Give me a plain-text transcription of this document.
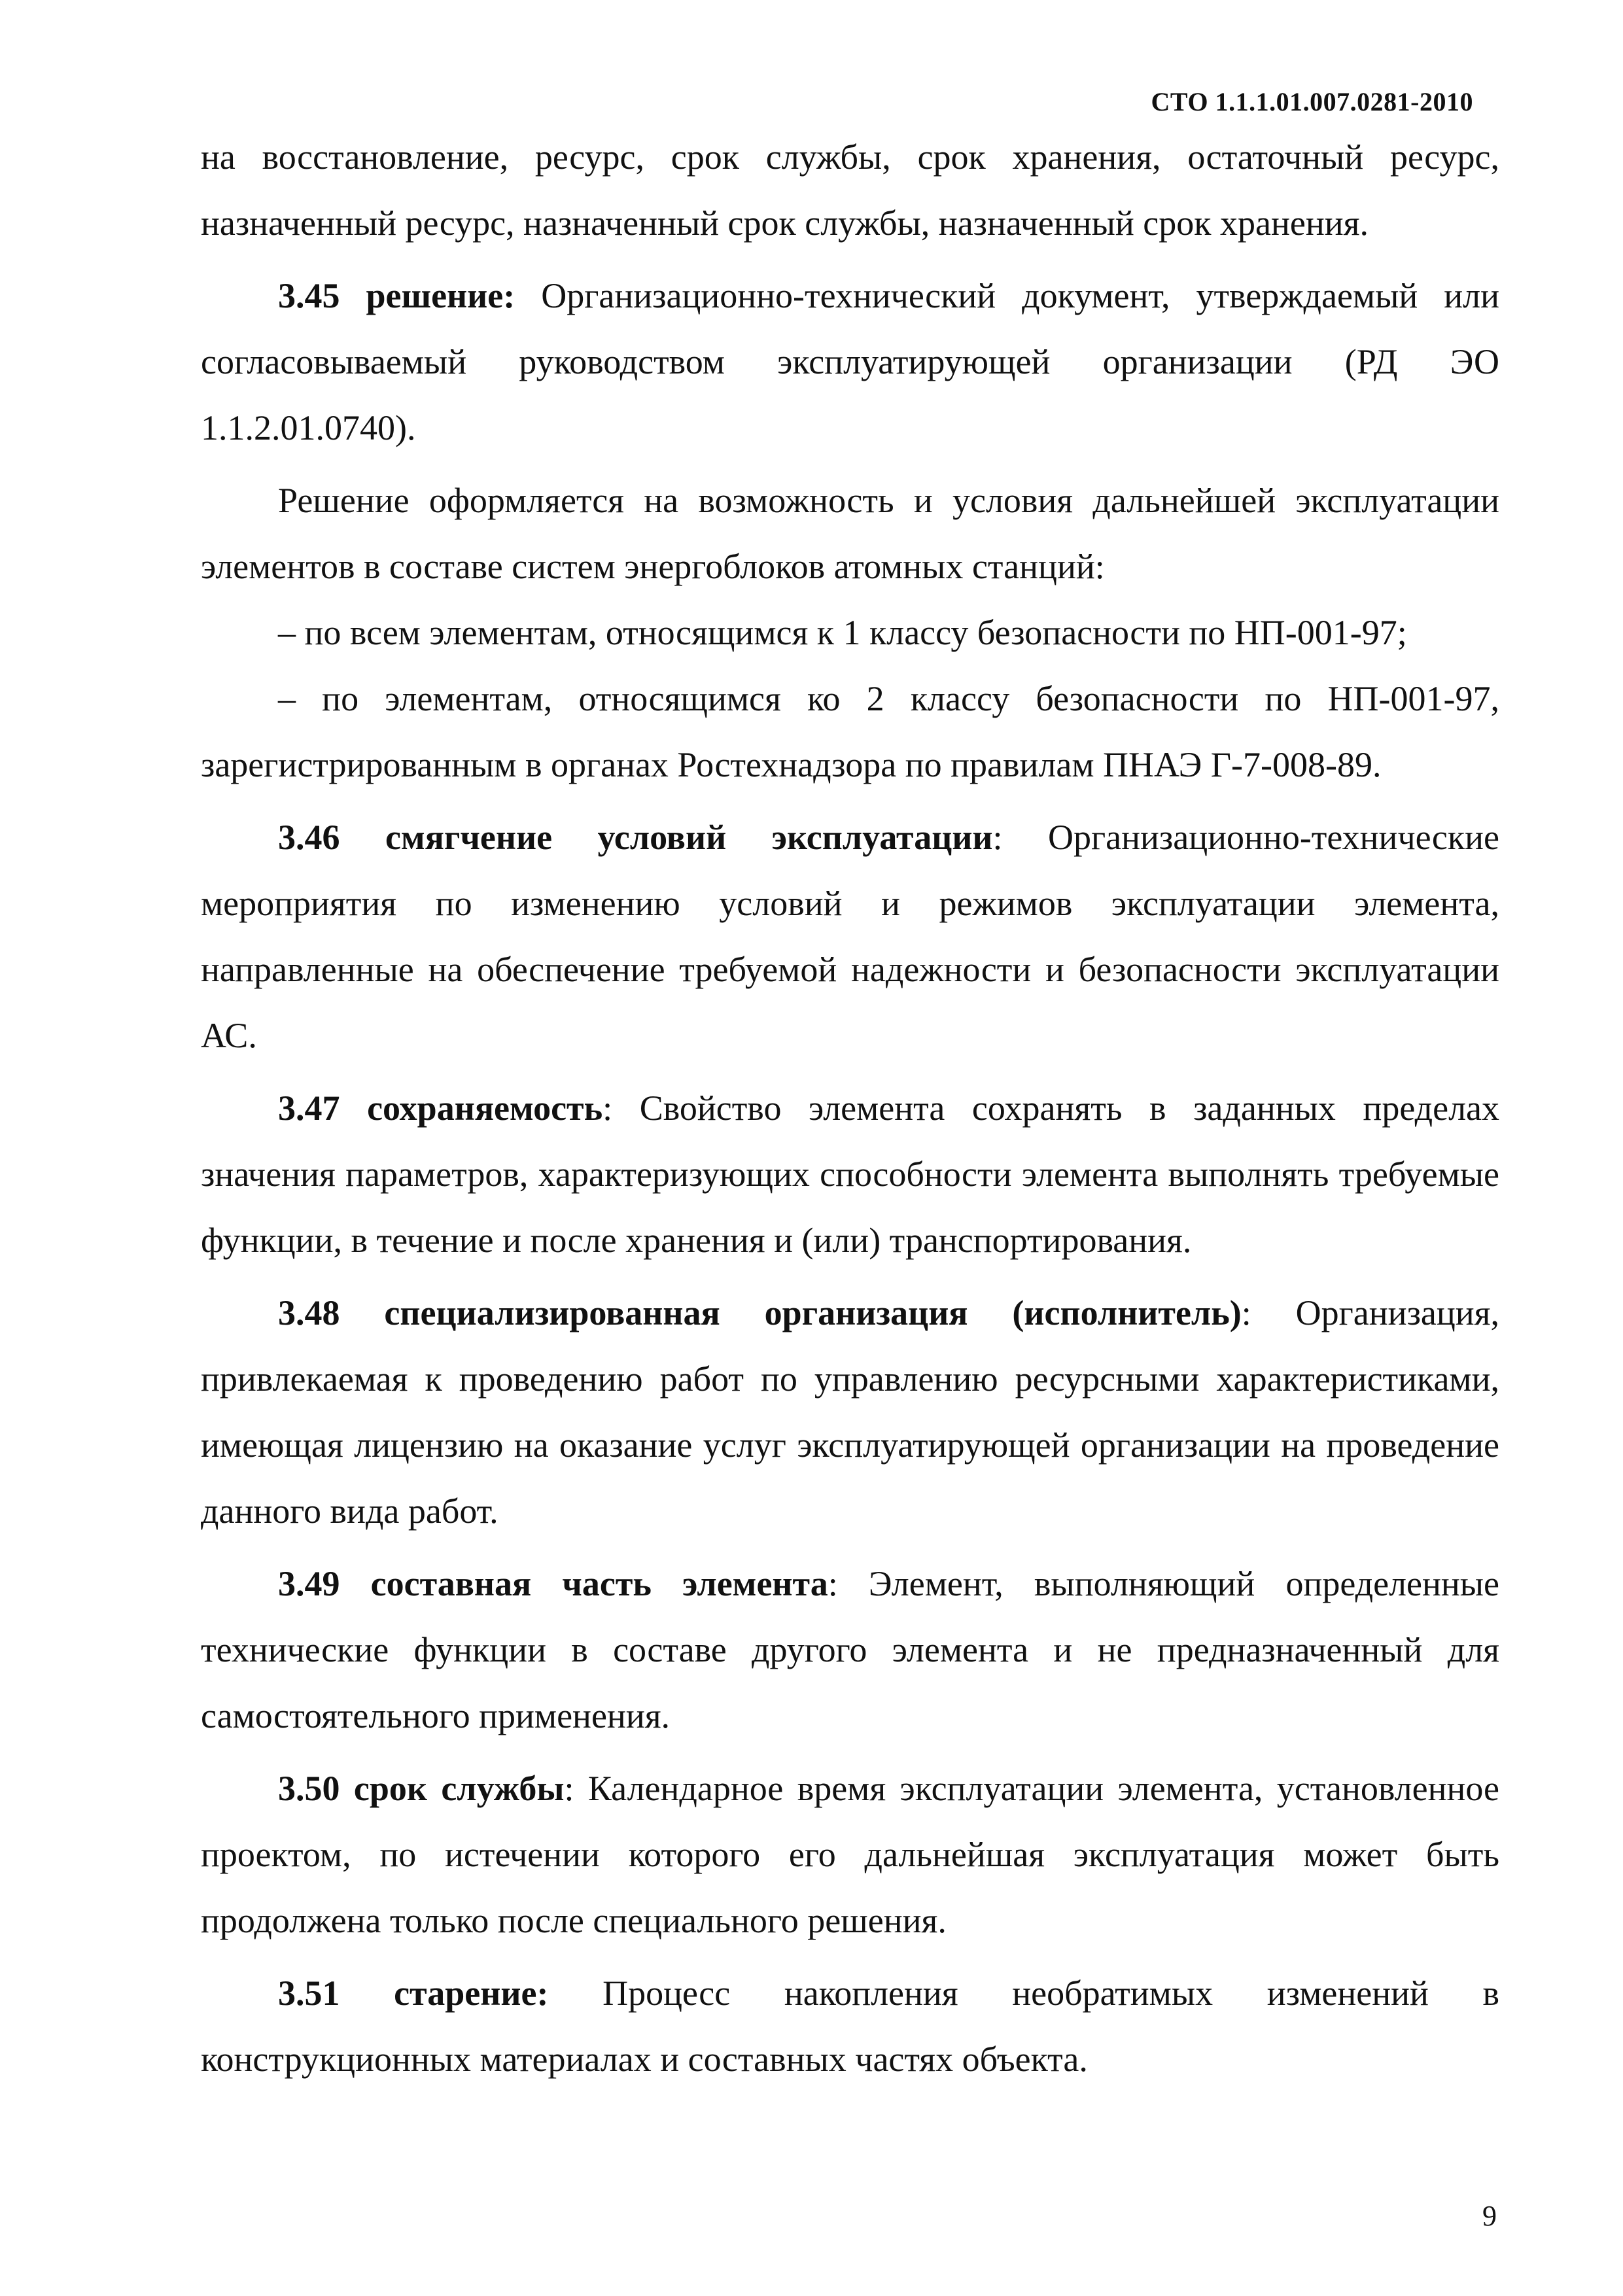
СТО 1.1.1.01.007.0281-2010

на восстановление, ресурс, срок службы, срок хранения, остаточный ресурс, назначенный ресурс, назначенный срок службы, назначенный срок хранения.

3.45 решение: Организационно-технический документ, утверждаемый или согласовываемый руководством эксплуатирующей организации (РД ЭО 1.1.2.01.0740).

Решение оформляется на возможность и условия дальнейшей эксплуатации элементов в составе систем энергоблоков атомных станций:

– по всем элементам, относящимся к 1 классу безопасности по НП-001-97;

– по элементам, относящимся ко 2 классу безопасности по НП-001-97, зарегистрированным в органах Ростехнадзора по правилам ПНАЭ Г-7-008-89.

3.46 смягчение условий эксплуатации: Организационно-технические мероприятия по изменению условий и режимов эксплуатации элемента, направленные на обеспечение требуемой надежности и безопасности эксплуатации АС.

3.47 сохраняемость: Свойство элемента сохранять в заданных пределах значения параметров, характеризующих способности элемента выполнять требуемые функции, в течение и после хранения и (или) транспортирования.

3.48 специализированная организация (исполнитель): Организация, привлекаемая к проведению работ по управлению ресурсными характеристиками, имеющая лицензию на оказание услуг эксплуатирующей организации на проведение данного вида работ.

3.49 составная часть элемента: Элемент, выполняющий определенные технические функции в составе другого элемента и не предназначенный для самостоятельного применения.

3.50 срок службы: Календарное время эксплуатации элемента, установленное проектом, по истечении которого его дальнейшая эксплуатация может быть продолжена только после специального решения.

3.51 старение: Процесс накопления необратимых изменений в конструкционных материалах и составных частях объекта.

9
